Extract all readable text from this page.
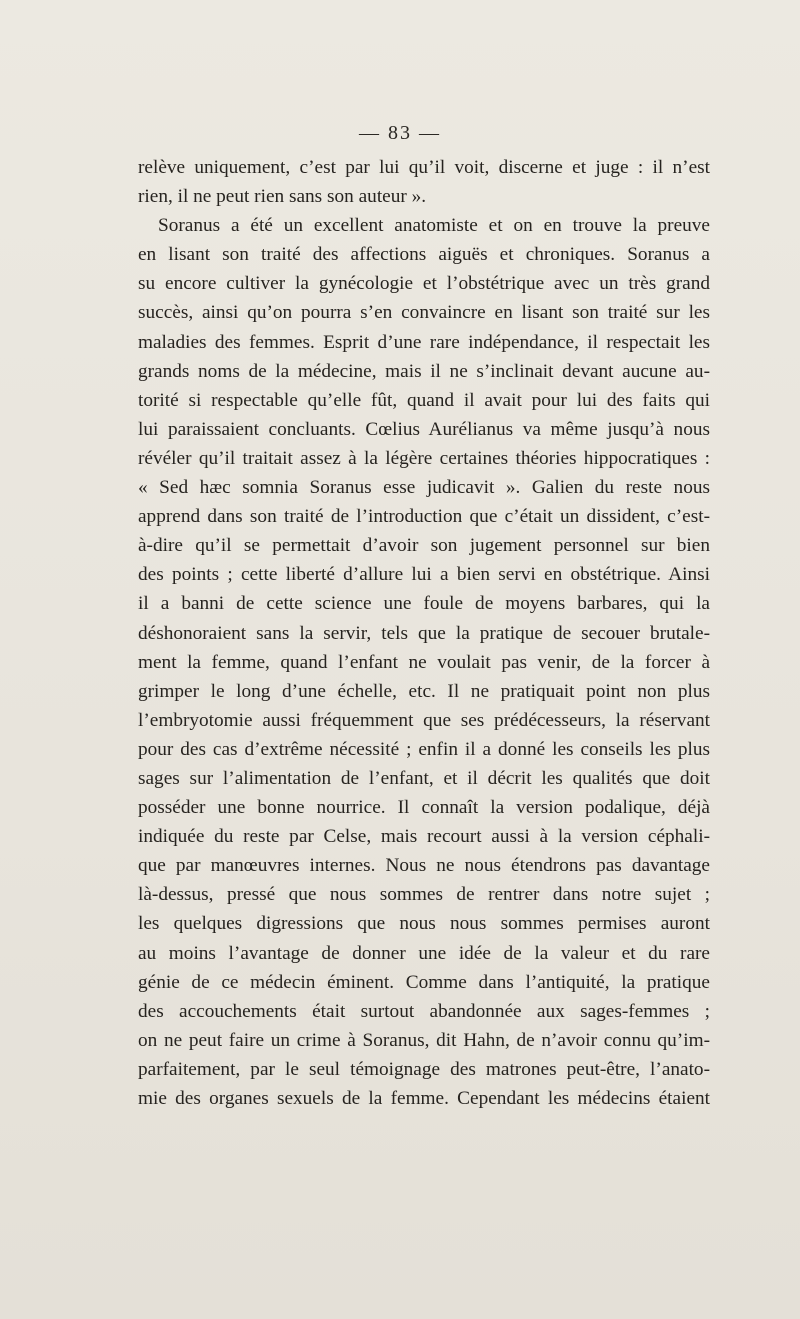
— 83 —
relève uniquement, c’est par lui qu’il voit, discerne et juge : il n’est
rien, il ne peut rien sans son auteur ».
Soranus a été un excellent anatomiste et on en trouve la preuve
en lisant son traité des affections aiguës et chroniques. Soranus a
su encore cultiver la gynécologie et l’obstétrique avec un très grand
succès, ainsi qu’on pourra s’en convaincre en lisant son traité sur les
maladies des femmes. Esprit d’une rare indépendance, il respectait les
grands noms de la médecine, mais il ne s’inclinait devant aucune au-
torité si respectable qu’elle fût, quand il avait pour lui des faits qui
lui paraissaient concluants. Cœlius Aurélianus va même jusqu’à nous
révéler qu’il traitait assez à la légère certaines théories hippocratiques :
« Sed hæc somnia Soranus esse judicavit ». Galien du reste nous
apprend dans son traité de l’introduction que c’était un dissident, c’est-
à-dire qu’il se permettait d’avoir son jugement personnel sur bien
des points ; cette liberté d’allure lui a bien servi en obstétrique. Ainsi
il a banni de cette science une foule de moyens barbares, qui la
déshonoraient sans la servir, tels que la pratique de secouer brutale-
ment la femme, quand l’enfant ne voulait pas venir, de la forcer à
grimper le long d’une échelle, etc. Il ne pratiquait point non plus
l’embryotomie aussi fréquemment que ses prédécesseurs, la réservant
pour des cas d’extrême nécessité ; enfin il a donné les conseils les plus
sages sur l’alimentation de l’enfant, et il décrit les qualités que doit
posséder une bonne nourrice. Il connaît la version podalique, déjà
indiquée du reste par Celse, mais recourt aussi à la version céphali-
que par manœuvres internes. Nous ne nous étendrons pas davantage
là-dessus, pressé que nous sommes de rentrer dans notre sujet ;
les quelques digressions que nous nous sommes permises auront
au moins l’avantage de donner une idée de la valeur et du rare
génie de ce médecin éminent. Comme dans l’antiquité, la pratique
des accouchements était surtout abandonnée aux sages-femmes ;
on ne peut faire un crime à Soranus, dit Hahn, de n’avoir connu qu’im-
parfaitement, par le seul témoignage des matrones peut-être, l’anato-
mie des organes sexuels de la femme. Cependant les médecins étaient
